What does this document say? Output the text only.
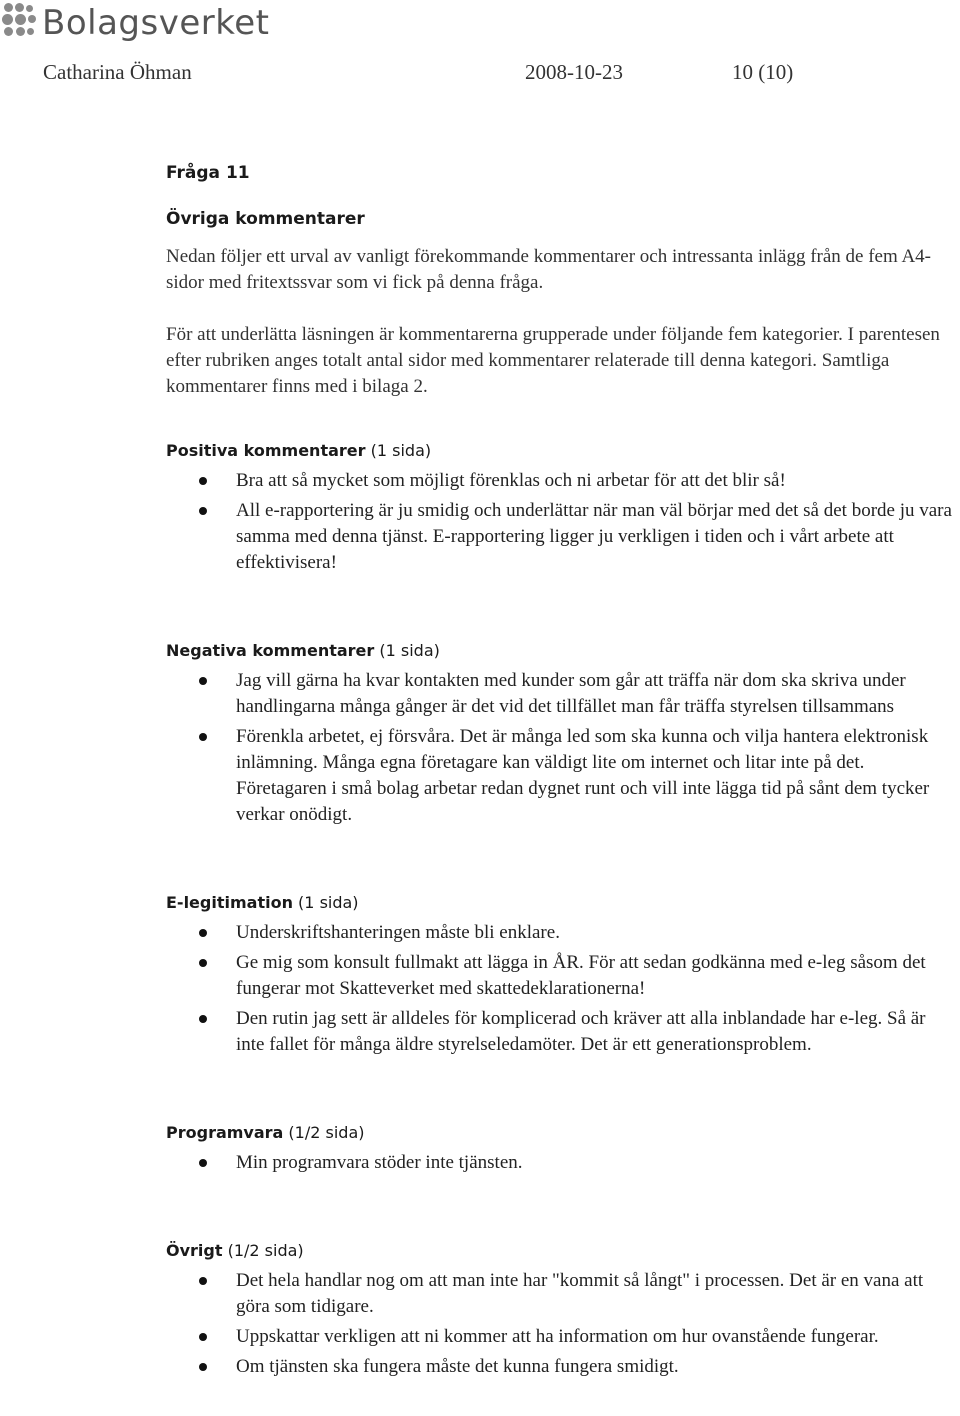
Bolagsverket
Catharina Öhman	2008-10-23	10 (10)
Fråga 11
Övriga kommentarer

Nedan följer ett urval av vanligt förekommande kommentarer och intressanta inlägg från de fem A4-sidor med fritextssvar som vi fick på denna fråga.

För att underlätta läsningen är kommentarerna grupperade under följande fem kategorier. I parentesen efter rubriken anges totalt antal sidor med kommentarer relaterade till denna kategori. Samtliga kommentarer finns med i bilaga 2.

Positiva kommentarer (1 sida)

Bra att så mycket som möjligt förenklas och ni arbetar för att det blir så!
All e-rapportering är ju smidig och underlättar när man väl börjar med det så det borde ju vara samma med denna tjänst. E-rapportering ligger ju verkligen i tiden och i vårt arbete att effektivisera!

Negativa kommentarer (1 sida)

Jag vill gärna ha kvar kontakten med kunder som går att träffa när dom ska skriva under handlingarna många gånger är det vid det tillfället man får träffa styrelsen tillsammans
Förenkla arbetet, ej försvåra. Det är många led som ska kunna och vilja hantera elektronisk inlämning. Många egna företagare kan väldigt lite om internet och litar inte på det. Företagaren i små bolag arbetar redan dygnet runt och vill inte lägga tid på sånt dem tycker verkar onödigt.

E-legitimation (1 sida)

Underskriftshanteringen måste bli enklare.
Ge mig som konsult fullmakt att lägga in ÅR. För att sedan godkänna med e-leg såsom det fungerar mot Skatteverket med skattedeklarationerna!
Den rutin jag sett är alldeles för komplicerad och kräver att alla inblandade har e-leg. Så är inte fallet för många äldre styrelseledamöter. Det är ett generationsproblem.

Programvara (1/2 sida)

Min programvara stöder inte tjänsten.

Övrigt (1/2 sida)

Det hela handlar nog om att man inte har "kommit så långt" i processen. Det är en vana att göra som tidigare.
Uppskattar verkligen att ni kommer att ha information om hur ovanstående fungerar.
Om tjänsten ska fungera måste det kunna fungera smidigt.
